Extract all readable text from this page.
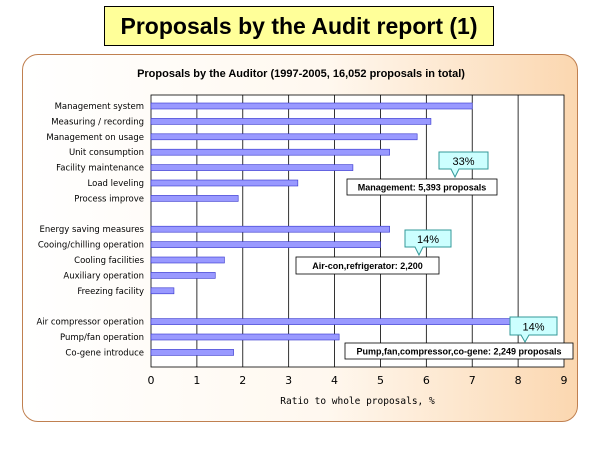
Proposals by the Audit report (1)
Proposals by the Auditor (1997-2005, 16,052 proposals in total)
Management system
Measuring / recording
Management on usage
Unit consumption
Facility maintenance
Load leveling
Process improve
Energy saving measures
Cooing/chilling operation
Cooling facilities
Auxiliary operation
Freezing facility
Air compressor operation
Pump/fan operation
Co-gene introduce
0	1	2	3	4	5	6	7	8	9
Ratio to whole proposals, %
33%
Management: 5,393 proposals
14%
Air-con,refrigerator: 2,200
14%
Pump,fan,compressor,co-gene: 2,249 proposals
